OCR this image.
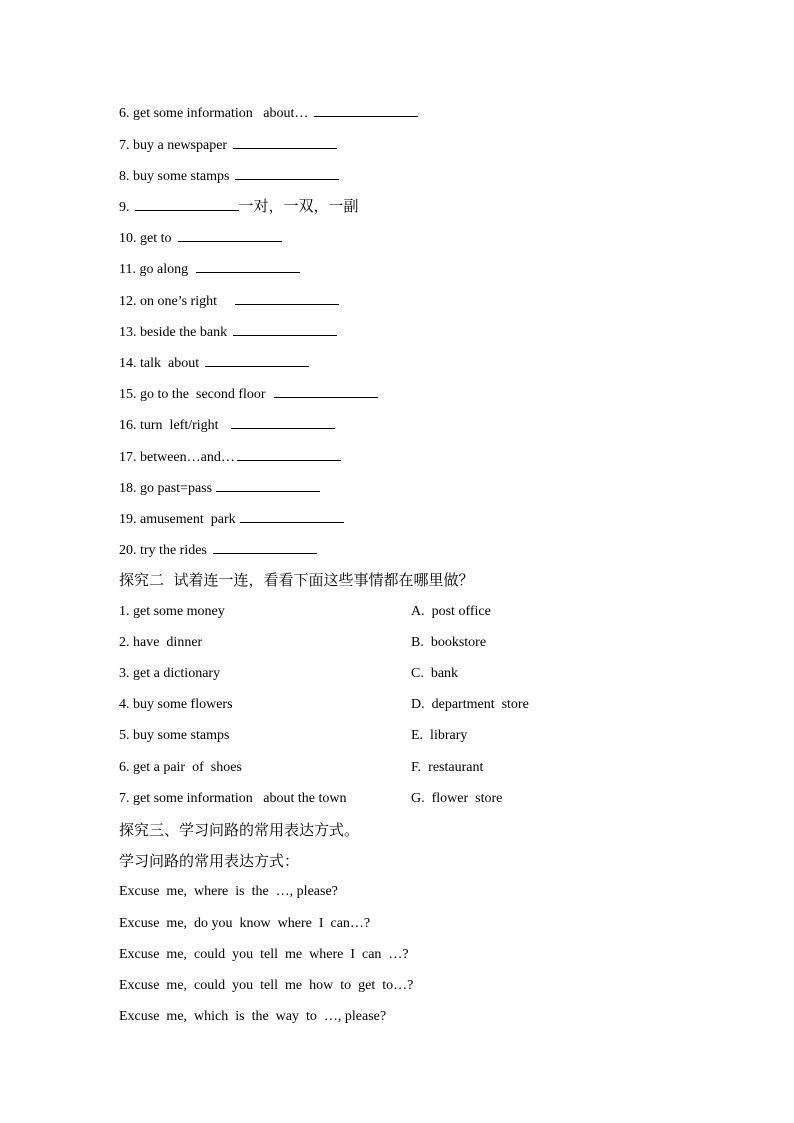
6. get some information   about…
7. buy a newspaper
8. buy some stamps
9.	一对，一双，一副
10. get to
11. go along
12. on one’s right
13. beside the bank
14. talk  about
15. go to the  second floor
16. turn  left/right
17. between…and…
18. go past=pass
19. amusement  park
20. try the rides
探究二  试着连一连，看看下面这些事情都在哪里做？
1. get some money
2. have  dinner
3. get a dictionary
4. buy some flowers
5. buy some stamps
6. get a pair  of  shoes
7. get some information   about the town
A.  post office
B.  bookstore
C.  bank
D.  department  store
E.  library
F.  restaurant
G.  flower  store
探究三、学习问路的常用表达方式。
学习问路的常用表达方式：
Excuse  me,  where  is  the  …, please?
Excuse  me,  do you  know  where  I  can…?
Excuse  me,  could  you  tell  me  where  I  can  …?
Excuse  me,  could  you  tell  me  how  to  get  to…?
Excuse  me,  which  is  the  way  to  …, please?
